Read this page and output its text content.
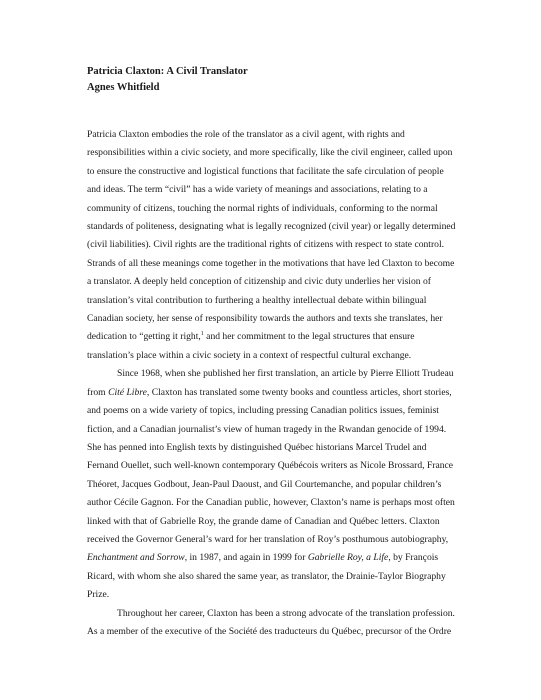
Patricia Claxton: A Civil Translator

Agnes Whitfield

Patricia Claxton embodies the role of the translator as a civil agent, with rights and responsibilities within a civic society, and more specifically, like the civil engineer, called upon to ensure the constructive and logistical functions that facilitate the safe circulation of people and ideas. The term “civil” has a wide variety of meanings and associations, relating to a community of citizens, touching the normal rights of individuals, conforming to the normal standards of politeness, designating what is legally recognized (civil year) or legally determined (civil liabilities). Civil rights are the traditional rights of citizens with respect to state control. Strands of all these meanings come together in the motivations that have led Claxton to become a translator. A deeply held conception of citizenship and civic duty underlies her vision of translation’s vital contribution to furthering a healthy intellectual debate within bilingual Canadian society, her sense of responsibility towards the authors and texts she translates, her dedication to “getting it right,$^1$ and her commitment to the legal structures that ensure translation’s place within a civic society in a context of respectful cultural exchange.

Since 1968, when she published her first translation, an article by Pierre Elliott Trudeau from Cité Libre, Claxton has translated some twenty books and countless articles, short stories, and poems on a wide variety of topics, including pressing Canadian politics issues, feminist fiction, and a Canadian journalist’s view of human tragedy in the Rwandan genocide of 1994. She has penned into English texts by distinguished Québec historians Marcel Trudel and Fernand Ouellet, such well-known contemporary Québécois writers as Nicole Brossard, France Théoret, Jacques Godbout, Jean-Paul Daoust, and Gil Courtemanche, and popular children’s author Cécile Gagnon. For the Canadian public, however, Claxton’s name is perhaps most often linked with that of Gabrielle Roy, the grande dame of Canadian and Québec letters. Claxton received the Governor General’s ward for her translation of Roy’s posthumous autobiography, Enchantment and Sorrow, in 1987, and again in 1999 for Gabrielle Roy, a Life, by François Ricard, with whom she also shared the same year, as translator, the Drainie-Taylor Biography Prize.

Throughout her career, Claxton has been a strong advocate of the translation profession. As a member of the executive of the Société des traducteurs du Québec, precursor of the Ordre
